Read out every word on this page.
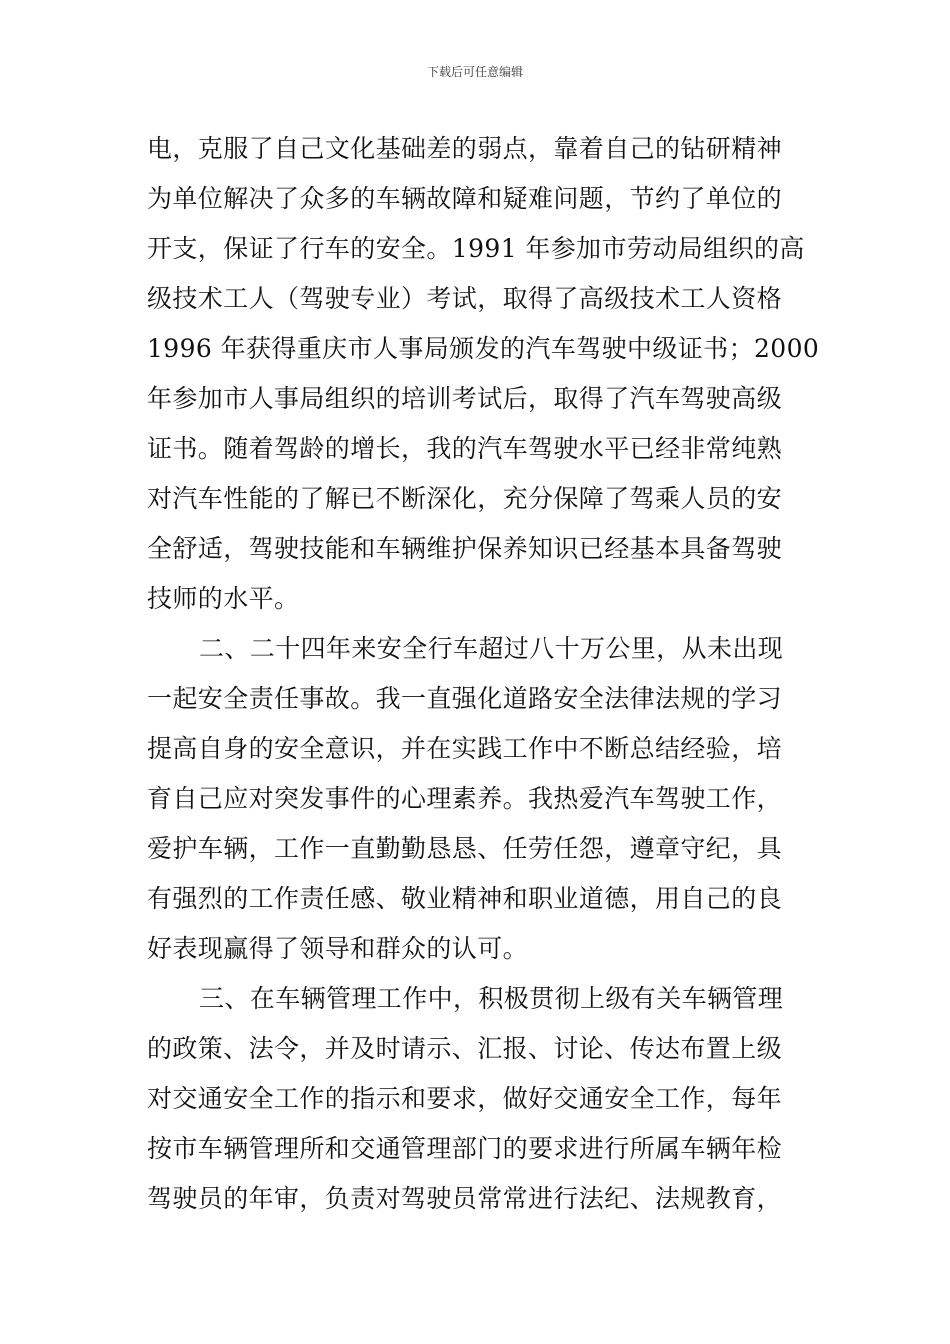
下载后可任意编辑
电，克服了自己文化基础差的弱点，靠着自己的钻研精神
为单位解决了众多的车辆故障和疑难问题，节约了单位的
开支，保证了行车的安全。1991 年参加市劳动局组织的高
级技术工人（驾驶专业）考试，取得了高级技术工人资格
1996 年获得重庆市人事局颁发的汽车驾驶中级证书；2000
年参加市人事局组织的培训考试后，取得了汽车驾驶高级
证书。随着驾龄的增长，我的汽车驾驶水平已经非常纯熟
对汽车性能的了解已不断深化，充分保障了驾乘人员的安
全舒适，驾驶技能和车辆维护保养知识已经基本具备驾驶
技师的水平。
二、二十四年来安全行车超过八十万公里，从未出现
一起安全责任事故。我一直强化道路安全法律法规的学习
提高自身的安全意识，并在实践工作中不断总结经验，培
育自己应对突发事件的心理素养。我热爱汽车驾驶工作，
爱护车辆，工作一直勤勤恳恳、任劳任怨，遵章守纪，具
有强烈的工作责任感、敬业精神和职业道德，用自己的良
好表现赢得了领导和群众的认可。
三、在车辆管理工作中，积极贯彻上级有关车辆管理
的政策、法令，并及时请示、汇报、讨论、传达布置上级
对交通安全工作的指示和要求，做好交通安全工作，每年
按市车辆管理所和交通管理部门的要求进行所属车辆年检
驾驶员的年审，负责对驾驶员常常进行法纪、法规教育，
